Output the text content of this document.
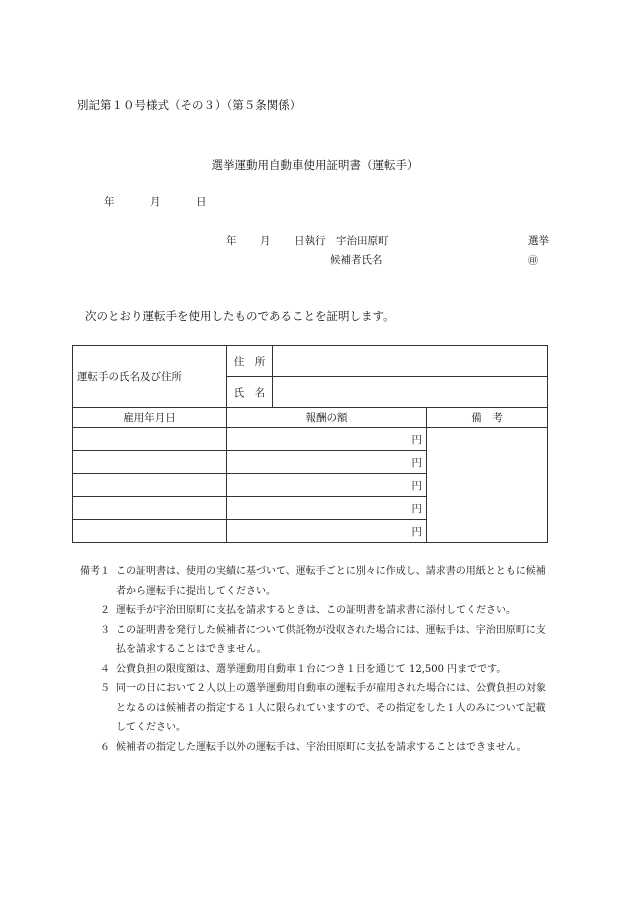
別記第１０号様式（その３）（第５条関係）
選挙運動用自動車使用証明書（運転手）
年	月	日
年 月 日執行　宇治田原町	選挙
候補者氏名	㊞
次のとおり運転手を使用したものであることを証明します。
運転手の氏名及び住所	住　所		
	氏　名		
雇用年月日	報酬の額		備　考
	円		
	円		
	円		
	円		
	円		
備考１ この証明書は、使用の実績に基づいて、運転手ごとに別々に作成し、請求書の用紙とともに候補者から運転手に提出してください。
２ 運転手が宇治田原町に支払を請求するときは、この証明書を請求書に添付してください。
３ この証明書を発行した候補者について供託物が没収された場合には、運転手は、宇治田原町に支払を請求することはできません。
４ 公費負担の限度額は、選挙運動用自動車１台につき１日を通じて 12,500 円までです。
５ 同一の日において２人以上の選挙運動用自動車の運転手が雇用された場合には、公費負担の対象となるのは候補者の指定する１人に限られていますので、その指定をした１人のみについて記載してください。
６ 候補者の指定した運転手以外の運転手は、宇治田原町に支払を請求することはできません。
